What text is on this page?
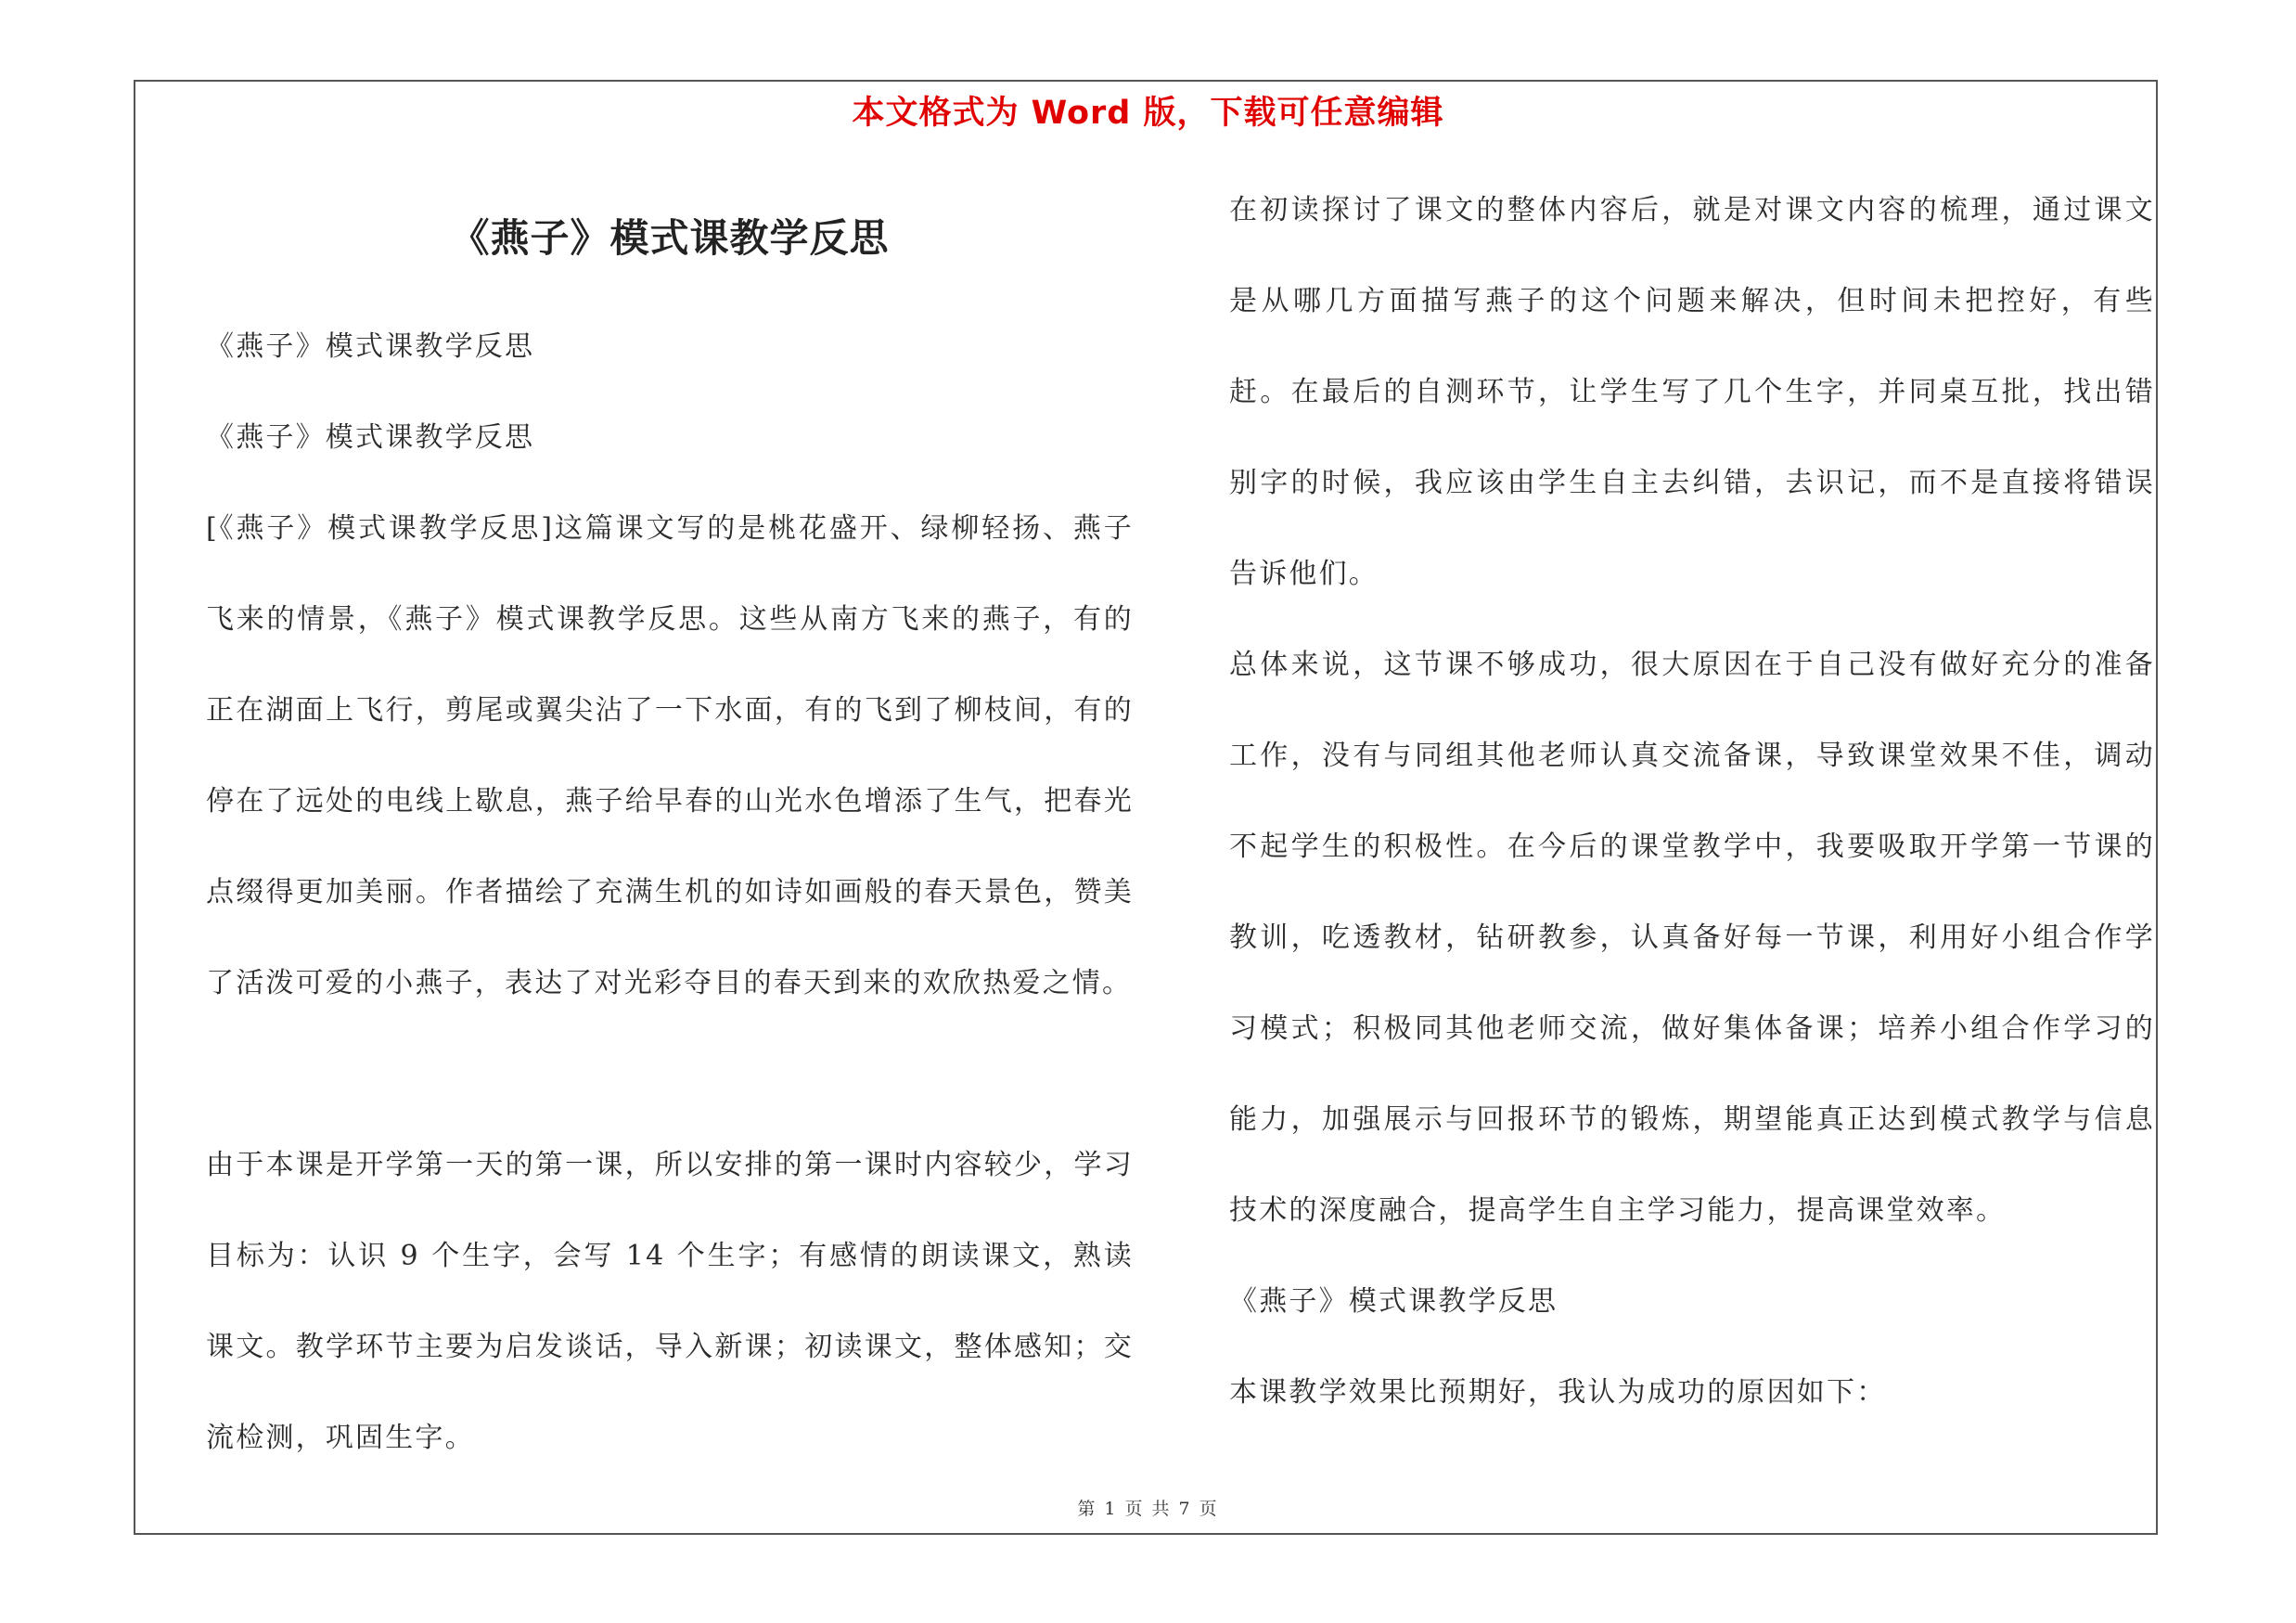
本文格式为 Word 版，下载可任意编辑
《燕子》模式课教学反思

《燕子》模式课教学反思

《燕子》模式课教学反思

[《燕子》模式课教学反思]这篇课文写的是桃花盛开、绿柳轻扬、燕子飞来的情景，《燕子》模式课教学反思。这些从南方飞来的燕子，有的正在湖面上飞行，剪尾或翼尖沾了一下水面，有的飞到了柳枝间，有的停在了远处的电线上歇息，燕子给早春的山光水色增添了生气，把春光点缀得更加美丽。作者描绘了充满生机的如诗如画般的春天景色，赞美了活泼可爱的小燕子，表达了对光彩夺目的春天到来的欢欣热爱之情。

由于本课是开学第一天的第一课，所以安排的第一课时内容较少，学习目标为：认识 9 个生字，会写 14 个生字；有感情的朗读课文，熟读课文。教学环节主要为启发谈话，导入新课；初读课文，整体感知；交流检测，巩固生字。

在初读探讨了课文的整体内容后，就是对课文内容的梳理，通过课文是从哪几方面描写燕子的这个问题来解决，但时间未把控好，有些赶。在最后的自测环节，让学生写了几个生字，并同桌互批，找出错别字的时候，我应该由学生自主去纠错，去识记，而不是直接将错误告诉他们。

总体来说，这节课不够成功，很大原因在于自己没有做好充分的准备工作，没有与同组其他老师认真交流备课，导致课堂效果不佳，调动不起学生的积极性。在今后的课堂教学中，我要吸取开学第一节课的教训，吃透教材，钻研教参，认真备好每一节课，利用好小组合作学习模式；积极同其他老师交流，做好集体备课；培养小组合作学习的能力，加强展示与回报环节的锻炼，期望能真正达到模式教学与信息技术的深度融合，提高学生自主学习能力，提高课堂效率。

《燕子》模式课教学反思

本课教学效果比预期好，我认为成功的原因如下：

第 1 页 共 7 页
